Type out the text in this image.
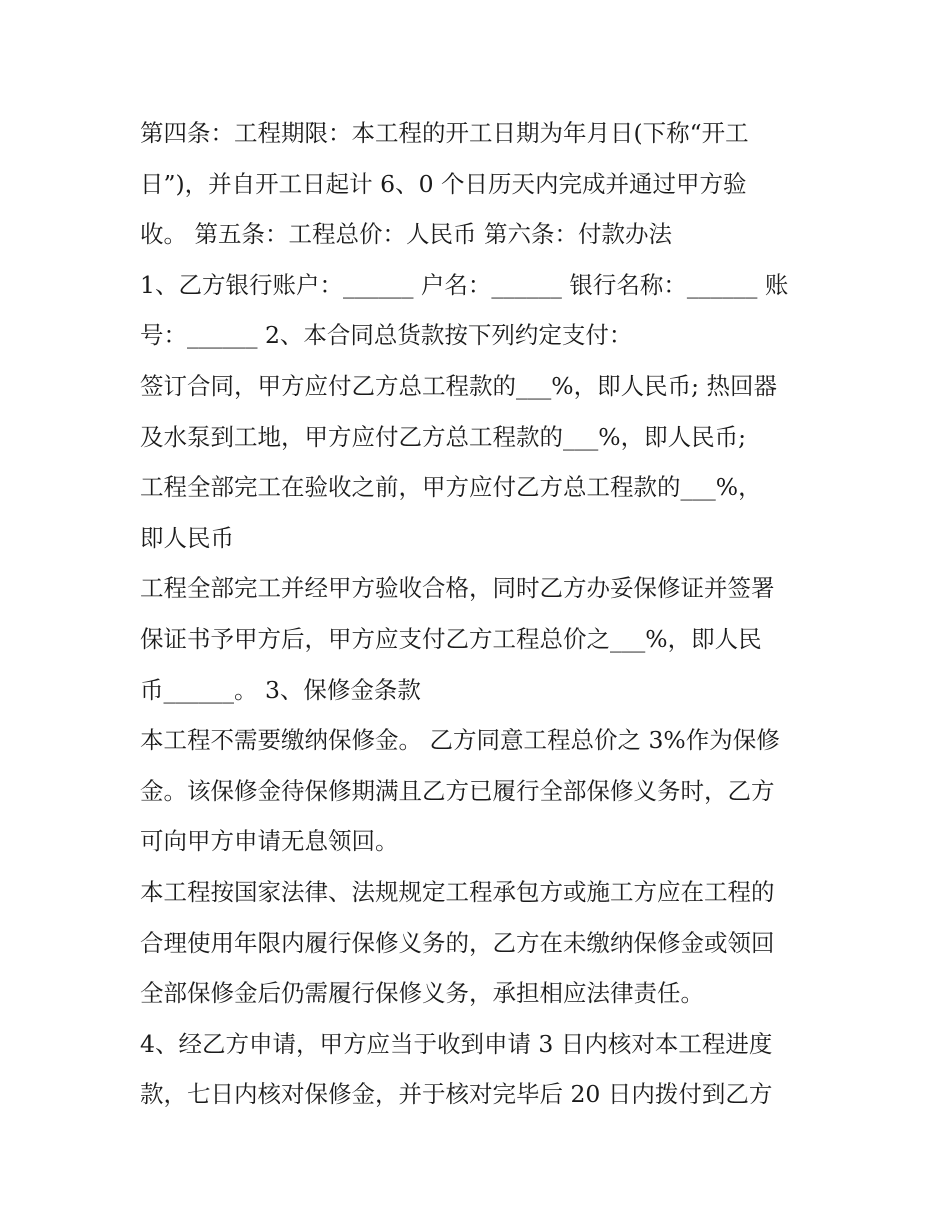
第四条：工程期限：本工程的开工日期为年月日(下称“开工
日”)，并自开工日起计 6、0 个日历天内完成并通过甲方验
收。 第五条：工程总价：人民币 第六条：付款办法
1、乙方银行账户：______ 户名：______ 银行名称：______ 账
号：______ 2、本合同总货款按下列约定支付：
签订合同，甲方应付乙方总工程款的___%，即人民币; 热回器
及水泵到工地，甲方应付乙方总工程款的___%，即人民币;
工程全部完工在验收之前，甲方应付乙方总工程款的___%，
即人民币
工程全部完工并经甲方验收合格，同时乙方办妥保修证并签署
保证书予甲方后，甲方应支付乙方工程总价之___%，即人民
币______。 3、保修金条款
本工程不需要缴纳保修金。 乙方同意工程总价之 3%作为保修
金。该保修金待保修期满且乙方已履行全部保修义务时，乙方
可向甲方申请无息领回。
本工程按国家法律、法规规定工程承包方或施工方应在工程的
合理使用年限内履行保修义务的，乙方在未缴纳保修金或领回
全部保修金后仍需履行保修义务，承担相应法律责任。
4、经乙方申请，甲方应当于收到申请 3 日内核对本工程进度
款，七日内核对保修金，并于核对完毕后 20 日内拨付到乙方
